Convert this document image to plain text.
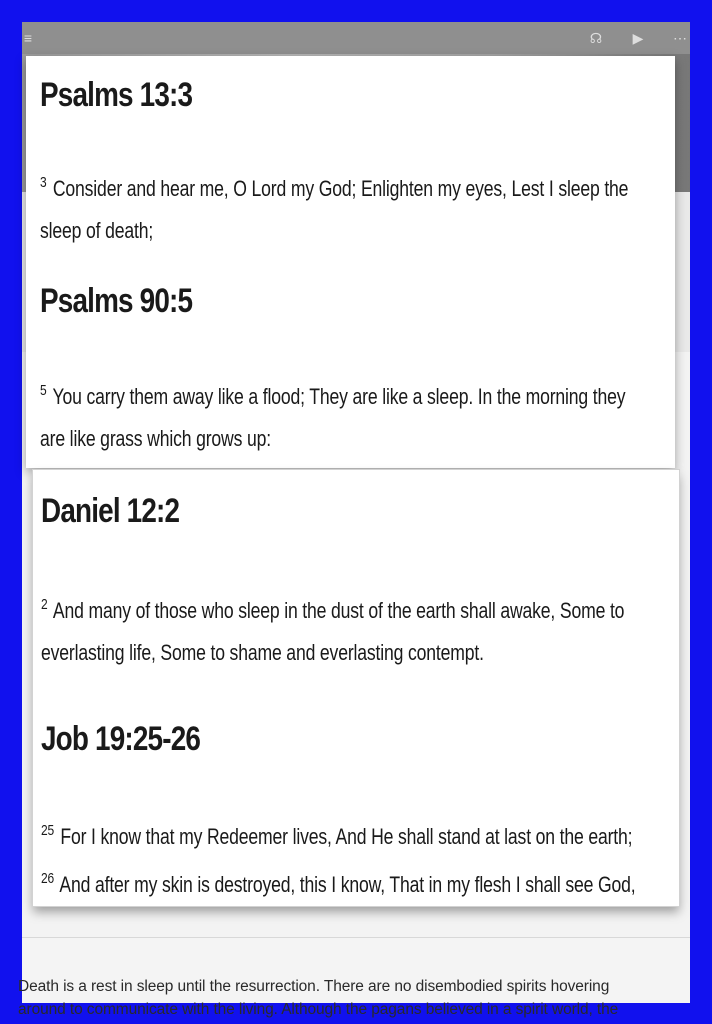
≡	☊ ▶ ⋯
Death is a rest in sleep until the resurrection. There are no disembodied spirits hovering
around to communicate with the living. Although the pagans believed in a spirit world, the
Psalms 13:3

$^3$ Consider and hear me, O Lord my God; Enlighten my eyes, Lest I sleep the sleep of death;

Psalms 90:5

$^5$ You carry them away like a flood; They are like a sleep. In the morning they are like grass which grows up:

Daniel 12:2

$^2$ And many of those who sleep in the dust of the earth shall awake, Some to everlasting life, Some to shame and everlasting contempt.

Job 19:25-26

$^{25}$ For I know that my Redeemer lives, And He shall stand at last on the earth; $^{26}$ And after my skin is destroyed, this I know, That in my flesh I shall see God,
